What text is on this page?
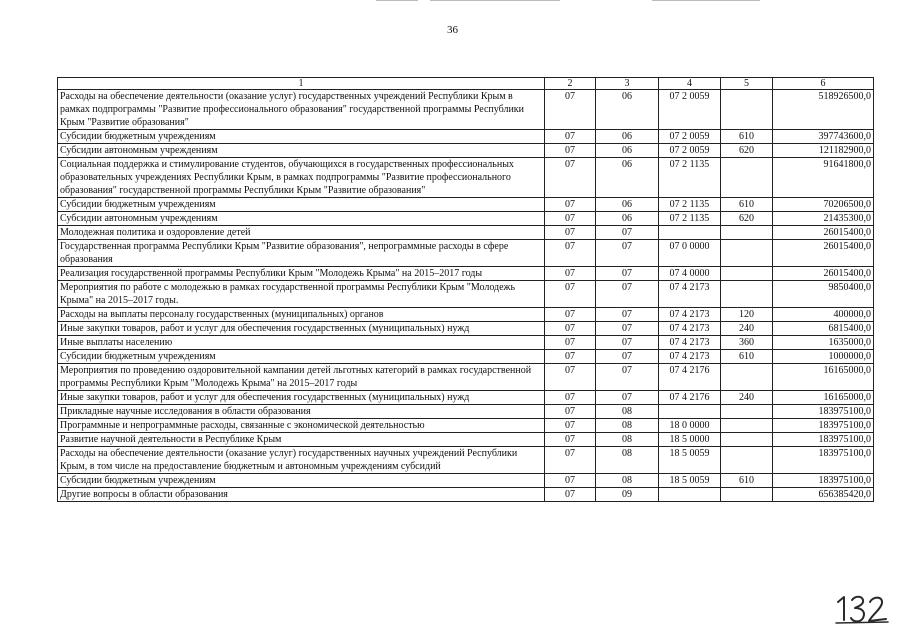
36
1	2	3	4	5	6
Расходы на обеспечение деятельности (оказание услуг) государственных учреждений Республики Крым в рамках подпрограммы "Развитие профессионального образования" государственной программы Республики Крым "Развитие образования"	07	06	07 2 0059		518926500,0
Субсидии бюджетным учреждениям	07	06	07 2 0059	610	397743600,0
Субсидии автономным учреждениям	07	06	07 2 0059	620	121182900,0
Социальная поддержка и стимулирование студентов, обучающихся в государственных профессиональных образовательных учреждениях Республики Крым, в рамках подпрограммы "Развитие профессионального образования" государственной программы Республики Крым "Развитие образования"	07	06	07 2 1135		91641800,0
Субсидии бюджетным учреждениям	07	06	07 2 1135	610	70206500,0
Субсидии автономным учреждениям	07	06	07 2 1135	620	21435300,0
Молодежная политика и оздоровление детей	07	07			26015400,0
Государственная программа Республики Крым "Развитие образования", непрограммные расходы в сфере образования	07	07	07 0 0000		26015400,0
Реализация государственной программы Республики Крым "Молодежь Крыма" на 2015–2017 годы	07	07	07 4 0000		26015400,0
Мероприятия по работе с молодежью в рамках государственной программы Республики Крым "Молодежь Крыма" на 2015–2017 годы.	07	07	07 4 2173		9850400,0
Расходы на выплаты персоналу государственных (муниципальных) органов	07	07	07 4 2173	120	400000,0
Иные закупки товаров, работ и услуг для обеспечения государственных (муниципальных) нужд	07	07	07 4 2173	240	6815400,0
Иные выплаты населению	07	07	07 4 2173	360	1635000,0
Субсидии бюджетным учреждениям	07	07	07 4 2173	610	1000000,0
Мероприятия по проведению оздоровительной кампании детей льготных категорий в рамках государственной программы Республики Крым "Молодежь Крыма" на 2015–2017 годы	07	07	07 4 2176		16165000,0
Иные закупки товаров, работ и услуг для обеспечения государственных (муниципальных) нужд	07	07	07 4 2176	240	16165000,0
Прикладные научные исследования в области образования	07	08			183975100,0
Программные и непрограммные расходы, связанные с экономической деятельностью	07	08	18 0 0000		183975100,0
Развитие научной деятельности в Республике Крым	07	08	18 5 0000		183975100,0
Расходы на обеспечение деятельности (оказание услуг) государственных научных учреждений Республики Крым, в том числе на предоставление бюджетным и автономным учреждениям субсидий	07	08	18 5 0059		183975100,0
Субсидии бюджетным учреждениям	07	08	18 5 0059	610	183975100,0
Другие вопросы в области образования	07	09			656385420,0
